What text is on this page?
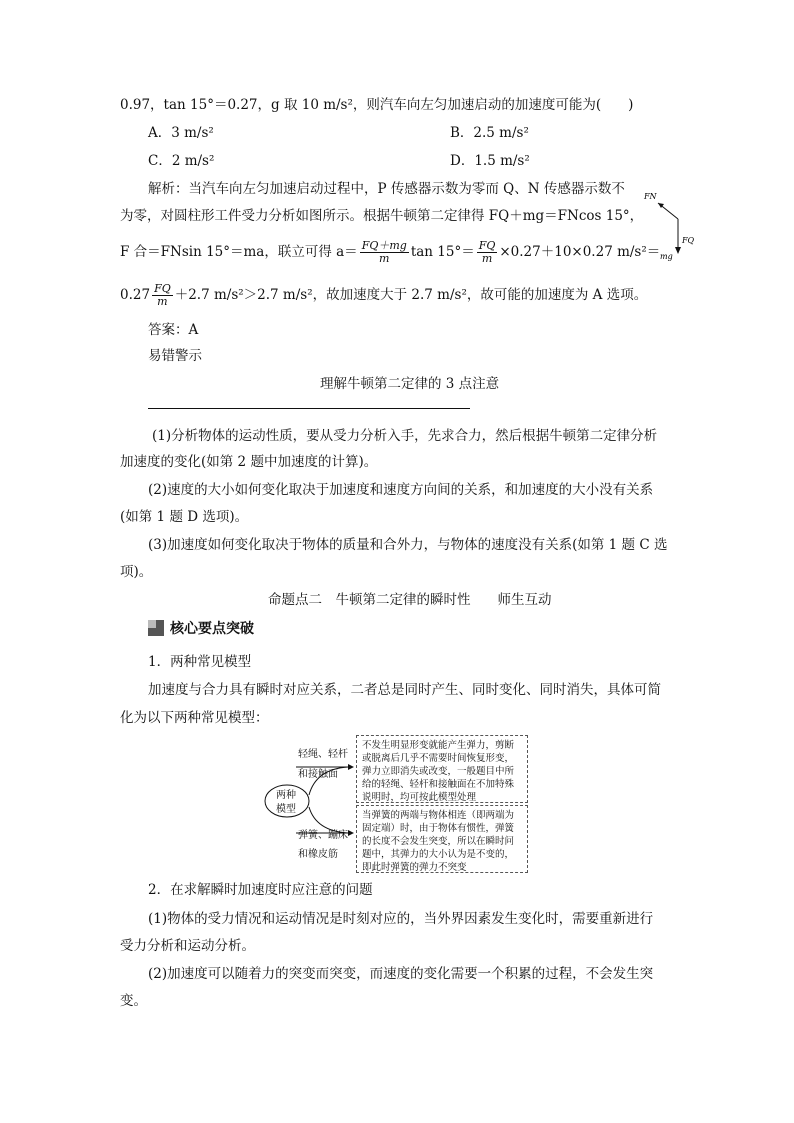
0.97，tan 15°＝0.27，g 取 10 m/s²，则汽车向左匀加速启动的加速度可能为(　　)
A．3 m/s²	B．2.5 m/s²
C．2 m/s²	D．1.5 m/s²
解析：当汽车向左匀加速启动过程中，P 传感器示数为零而 Q、N 传感器示数不
为零，对圆柱形工件受力分析如图所示。根据牛顿第二定律得 FQ＋mg＝FNcos 15°，
F 合＝FNsin 15°＝ma，联立可得 $a= \frac{FQ+mg}{m}$ $\tan 15^\circ= \frac{FQ}{m} \times 0.27+10\times 0.27$ m/s²＝
$0.27 \frac{FQ}{m} +2.7$ m/s²＞2.7 m/s²，故加速度大于 2.7 m/s²，故可能的加速度为 A 选项。
答案：A
易错警示
FN
FQ
mg
理解牛顿第二定律的 3 点注意
(1)分析物体的运动性质，要从受力分析入手，先求合力，然后根据牛顿第二定律分析
加速度的变化(如第 2 题中加速度的计算)。
(2)速度的大小如何变化取决于加速度和速度方向间的关系，和加速度的大小没有关系
(如第 1 题 D 选项)。
(3)加速度如何变化取决于物体的质量和合外力，与物体的速度没有关系(如第 1 题 C 选
项)。
命题点二　牛顿第二定律的瞬时性　　师生互动
核心要点突破
1．两种常见模型
加速度与合力具有瞬时对应关系，二者总是同时产生、同时变化、同时消失，具体可简
化为以下两种常见模型：
两种
模型
轻绳、轻杆
和接触面
弹簧、蹦床
和橡皮筋
不发生明显形变就能产生弹力，剪断或脱离后几乎不需要时间恢复形变，弹力立即消失或改变，一般题目中所给的轻绳、轻杆和接触面在不加特殊说明时，均可按此模型处理
当弹簧的两端与物体相连（即两端为固定端）时，由于物体有惯性，弹簧的长度不会发生突变，所以在瞬时问题中，其弹力的大小认为是不变的，即此时弹簧的弹力不突变
2．在求解瞬时加速度时应注意的问题
(1)物体的受力情况和运动情况是时刻对应的，当外界因素发生变化时，需要重新进行
受力分析和运动分析。
(2)加速度可以随着力的突变而突变，而速度的变化需要一个积累的过程，不会发生突
变。
